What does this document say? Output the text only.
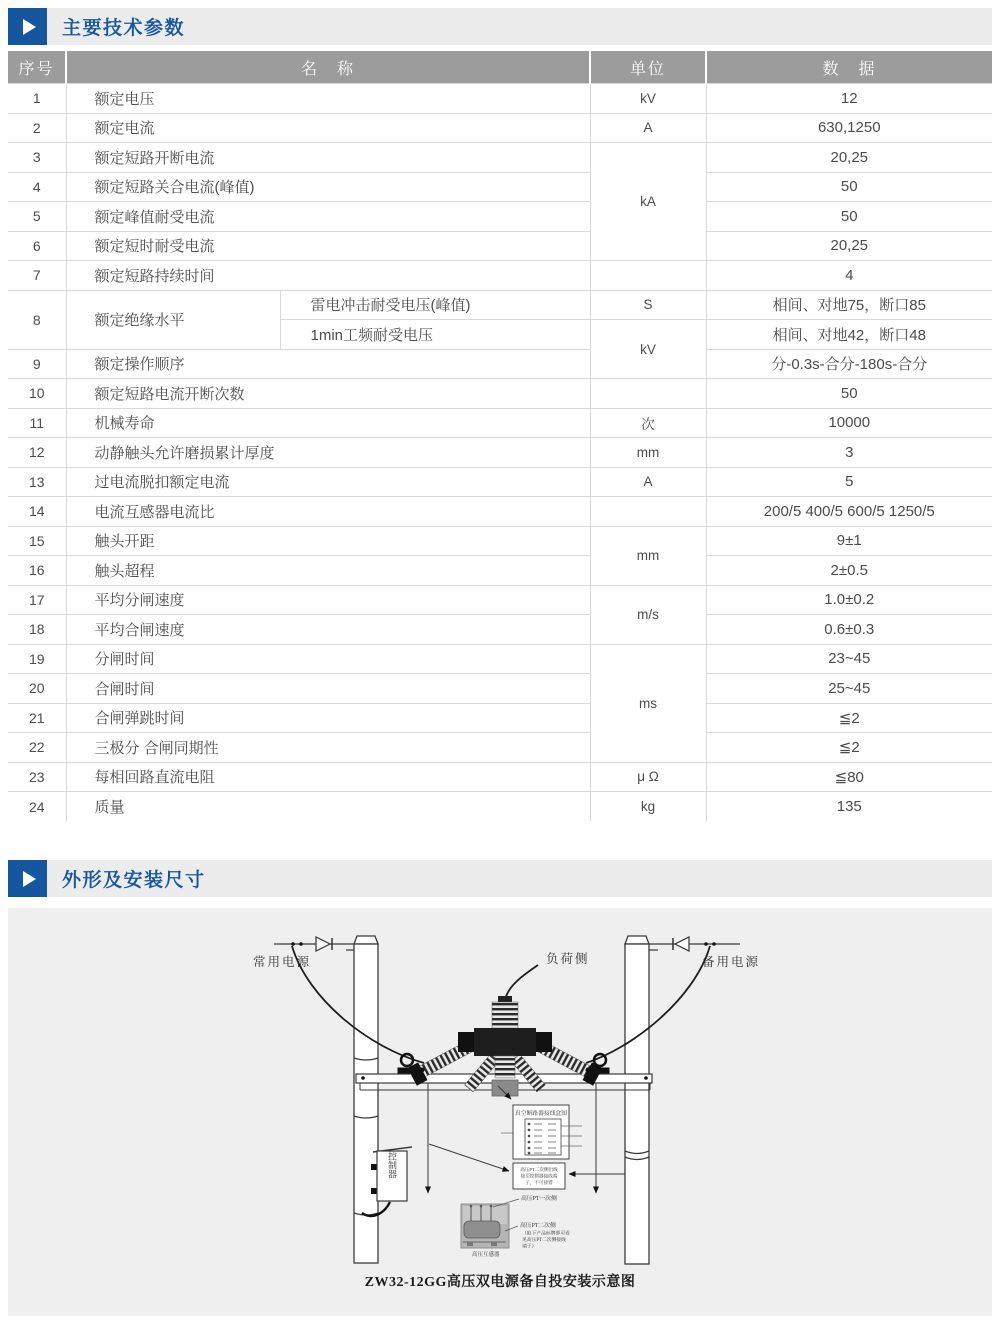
主要技术参数
序号	名　称		单位	数　据
1	额定电压		kV	12
2	额定电流		A	630,1250
3	额定短路开断电流		kA	20,25
4	额定短路关合电流(峰值)			50
5	额定峰值耐受电流			50
6	额定短时耐受电流			20,25
7	额定短路持续时间			4
8	额定绝缘水平	雷电冲击耐受电压(峰值)	S	相间、对地75，断口85
		1min工频耐受电压	kV	相间、对地42，断口48
9	额定操作顺序			分-0.3s-合分-180s-合分
10	额定短路电流开断次数			50
11	机械寿命		次	10000
12	动静触头允许磨损累计厚度		mm	3
13	过电流脱扣额定电流		A	5
14	电流互感器电流比			200/5 400/5 600/5 1250/5
15	触头开距		mm	9±1
16	触头超程			2±0.5
17	平均分闸速度		m/s	1.0±0.2
18	平均合闸速度			0.6±0.3
19	分闸时间		ms	23~45
20	合闸时间			25~45
21	合闸弹跳时间			≦2
22	三极分 合闸同期性			≦2
23	每相回路直流电阻		μ Ω	≦80
24	质量		kg	135
外形及安装尺寸
控制器
真空断路器接线盒图
高压PT二次侧出线
接至控制器接线端
子，不可接错
高压互感器
高压PT一次侧
高压PT二次侧
（取下产品标牌即可看
见高压PT二次侧接线
端子）
常用电源	负荷侧	备用电源
ZW32-12GG高压双电源备自投安装示意图
